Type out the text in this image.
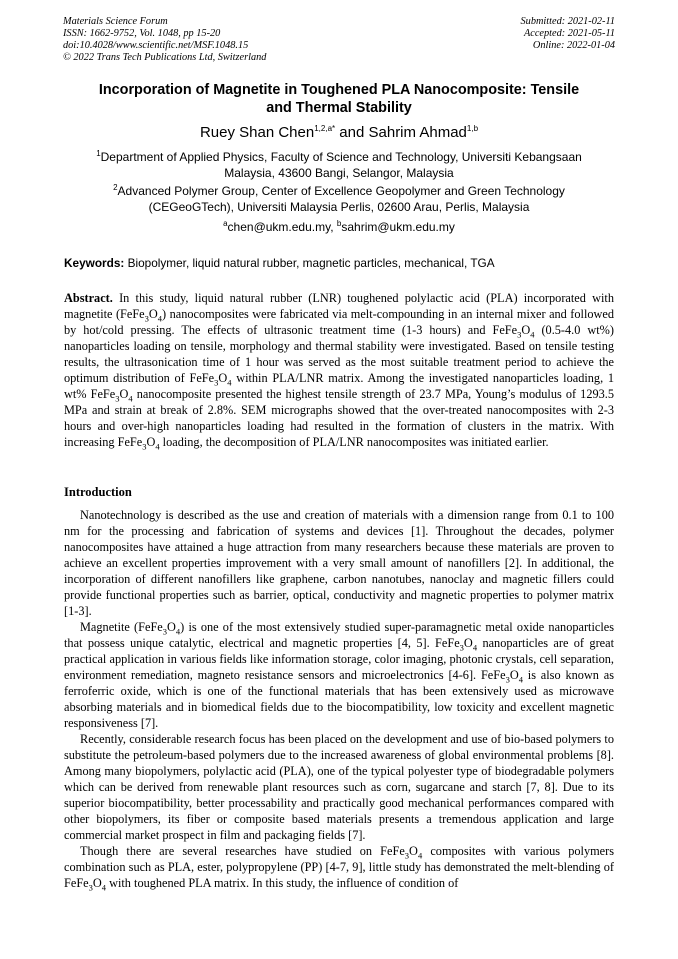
Materials Science Forum
ISSN: 1662-9752, Vol. 1048, pp 15-20
doi:10.4028/www.scientific.net/MSF.1048.15
© 2022 Trans Tech Publications Ltd, Switzerland
Submitted: 2021-02-11
Accepted: 2021-05-11
Online: 2022-01-04
Incorporation of Magnetite in Toughened PLA Nanocomposite: Tensile
and Thermal Stability
Ruey Shan Chen$^{1,2,a*}$ and Sahrim Ahmad$^{1,b}$
$^1$Department of Applied Physics, Faculty of Science and Technology, Universiti Kebangsaan
Malaysia, 43600 Bangi, Selangor, Malaysia
$^2$Advanced Polymer Group, Center of Excellence Geopolymer and Green Technology
(CEGeoGTech), Universiti Malaysia Perlis, 02600 Arau, Perlis, Malaysia
$^a$chen@ukm.edu.my, $^b$sahrim@ukm.edu.my
Keywords: Biopolymer, liquid natural rubber, magnetic particles, mechanical, TGA
Abstract. In this study, liquid natural rubber (LNR) toughened polylactic acid (PLA) incorporated with magnetite $(FeFe_3O_4)$ nanocomposites were fabricated via melt-compounding in an internal mixer and followed by hot/cold pressing. The effects of ultrasonic treatment time (1-3 hours) and $FeFe_3O_4$ (0.5-4.0 wt%) nanoparticles loading on tensile, morphology and thermal stability were investigated. Based on tensile testing results, the ultrasonication time of 1 hour was served as the most suitable treatment period to achieve the optimum distribution of $FeFe_3O_4$ within PLA/LNR matrix. Among the investigated nanoparticles loading, 1 wt% $FeFe_3O_4$ nanocomposite presented the highest tensile strength of 23.7 MPa, Young’s modulus of 1293.5 MPa and strain at break of 2.8%. SEM micrographs showed that the over-treated nanocomposites with 2-3 hours and over-high nanoparticles loading had resulted in the formation of clusters in the matrix. With increasing $FeFe_3O_4$ loading, the decomposition of PLA/LNR nanocomposites was initiated earlier.
Introduction

Nanotechnology is described as the use and creation of materials with a dimension range from 0.1 to 100 nm for the processing and fabrication of systems and devices [1]. Throughout the decades, polymer nanocomposites have attained a huge attraction from many researchers because these materials are proven to achieve an excellent properties improvement with a very small amount of nanofillers [2]. In additional, the incorporation of different nanofillers like graphene, carbon nanotubes, nanoclay and magnetic fillers could provide functional properties such as barrier, optical, conductivity and magnetic properties to polymer matrix [1-3].

Magnetite $(FeFe_3O_4)$ is one of the most extensively studied super-paramagnetic metal oxide nanoparticles that possess unique catalytic, electrical and magnetic properties [4, 5]. $FeFe_3O_4$ nanoparticles are of great practical application in various fields like information storage, color imaging, photonic crystals, cell separation, environment remediation, magneto resistance sensors and microelectronics [4-6]. $FeFe_3O_4$ is also known as ferroferric oxide, which is one of the functional materials that has been extensively used as microwave absorbing materials and in biomedical fields due to the biocompatibility, low toxicity and excellent magnetic responsiveness [7].

Recently, considerable research focus has been placed on the development and use of bio-based polymers to substitute the petroleum-based polymers due to the increased awareness of global environmental problems [8]. Among many biopolymers, polylactic acid (PLA), one of the typical polyester type of biodegradable polymers which can be derived from renewable plant resources such as corn, sugarcane and starch [7, 8]. Due to its superior biocompatibility, better processability and practically good mechanical performances compared with other biopolymers, its fiber or composite based materials presents a tremendous application and large commercial market prospect in film and packaging fields [7].

Though there are several researches have studied on $FeFe_3O_4$ composites with various polymers combination such as PLA, ester, polypropylene (PP) [4-7, 9], little study has demonstrated the melt-blending of $FeFe_3O_4$ with toughened PLA matrix. In this study, the influence of condition of
